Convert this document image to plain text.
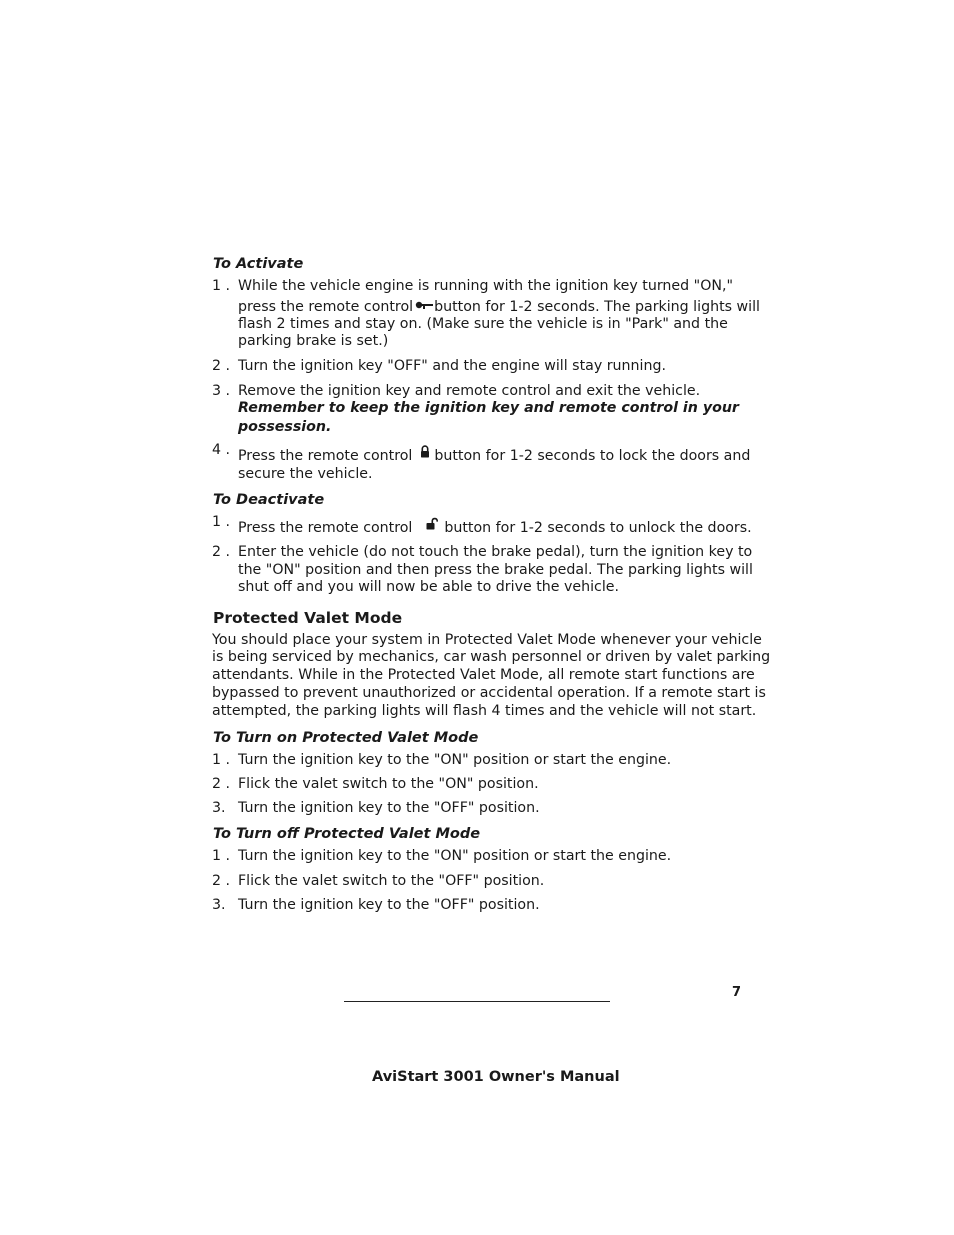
To Activate
1 . While the vehicle engine is running with the ignition key turned "ON,"
press the remote control button for 1-2 seconds. The parking lights will
flash 2 times and stay on. (Make sure the vehicle is in "Park" and the
parking brake is set.)
2 . Turn the ignition key "OFF" and the engine will stay running.
3 . Remove the ignition key and remote control and exit the vehicle.
Remember to keep the ignition key and remote control in your
possession.
4 . Press the remote control button for 1-2 seconds to lock the doors and
secure the vehicle.
To Deactivate
1 . Press the remote control button for 1-2 seconds to unlock the doors.
2 . Enter the vehicle (do not touch the brake pedal), turn the ignition key to
the "ON" position and then press the brake pedal. The parking lights will
shut off and you will now be able to drive the vehicle.
Protected Valet Mode
You should place your system in Protected Valet Mode whenever your vehicle
is being serviced by mechanics, car wash personnel or driven by valet parking
attendants. While in the Protected Valet Mode, all remote start functions are
bypassed to prevent unauthorized or accidental operation. If a remote start is
attempted, the parking lights will flash 4 times and the vehicle will not start.
To Turn on Protected Valet Mode
1 . Turn the ignition key to the "ON" position or start the engine.
2 . Flick the valet switch to the "ON" position.
3. Turn the ignition key to the "OFF" position.
To Turn off Protected Valet Mode
1 . Turn the ignition key to the "ON" position or start the engine.
2 . Flick the valet switch to the "OFF" position.
3. Turn the ignition key to the "OFF" position.
7
AviStart 3001 Owner's Manual
